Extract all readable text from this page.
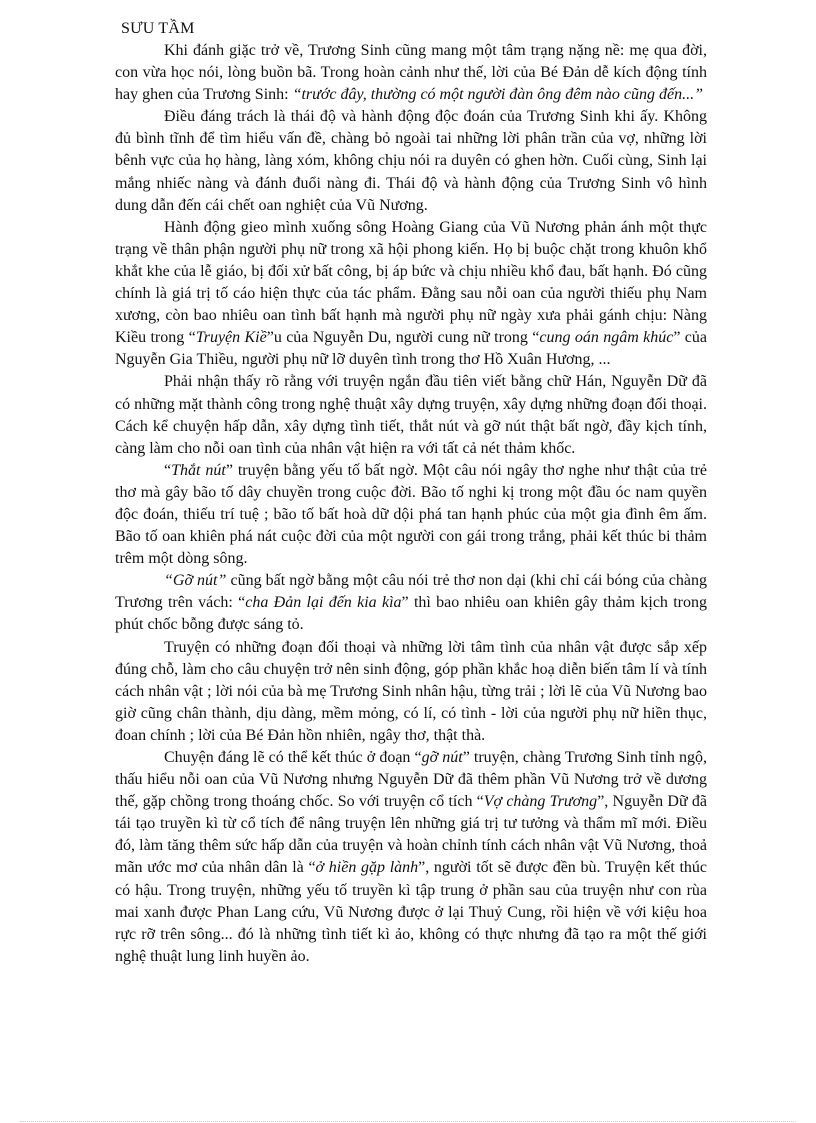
SƯU TẦM

Khi đánh giặc trở về, Trương Sinh cũng mang một tâm trạng nặng nề: mẹ qua đời, con vừa học nói, lòng buồn bã. Trong hoàn cảnh như thế, lời của Bé Đản dễ kích động tính hay ghen của Trương Sinh: “trước đây, thường có một người đàn ông đêm nào cũng đến...”

Điều đáng trách là thái độ và hành động độc đoán của Trương Sinh khi ấy. Không đủ bình tĩnh để tìm hiểu vấn đề, chàng bỏ ngoài tai những lời phân trần của vợ, những lời bênh vực của họ hàng, làng xóm, không chịu nói ra duyên có ghen hờn. Cuối cùng, Sinh lại mắng nhiếc nàng và đánh đuổi nàng đi. Thái độ và hành động của Trương Sinh vô hình dung dẫn đến cái chết oan nghiệt của Vũ Nương.

Hành động gieo mình xuống sông Hoàng Giang của Vũ Nương phản ánh một thực trạng về thân phận người phụ nữ trong xã hội phong kiến. Họ bị buộc chặt trong khuôn khổ khắt khe của lễ giáo, bị đối xử bất công, bị áp bức và chịu nhiều khổ đau, bất hạnh. Đó cũng chính là giá trị tố cáo hiện thực của tác phẩm. Đằng sau nỗi oan của người thiếu phụ Nam xương, còn bao nhiêu oan tình bất hạnh mà người phụ nữ ngày xưa phải gánh chịu: Nàng Kiều trong “Truyện Kiề”u của Nguyễn Du, người cung nữ trong “cung oán ngâm khúc” của Nguyễn Gia Thiều, người phụ nữ lỡ duyên tình trong thơ Hồ Xuân Hương, ...

Phải nhận thấy rõ rằng với truyện ngắn đầu tiên viết bằng chữ Hán, Nguyễn Dữ đã có những mặt thành công trong nghệ thuật xây dựng truyện, xây dựng những đoạn đối thoại. Cách kể chuyện hấp dẫn, xây dựng tình tiết, thắt nút và gỡ nút thật bất ngờ, đầy kịch tính, càng làm cho nỗi oan tình của nhân vật hiện ra với tất cả nét thảm khốc.

“Thắt nút” truyện bằng yếu tố bất ngờ. Một câu nói ngây thơ nghe như thật của trẻ thơ mà gây bão tố dây chuyền trong cuộc đời. Bão tố nghi kị trong một đầu óc nam quyền độc đoán, thiếu trí tuệ ; bão tố bất hoà dữ dội phá tan hạnh phúc của một gia đình êm ấm. Bão tố oan khiên phá nát cuộc đời của một người con gái trong trắng, phải kết thúc bi thảm trêm một dòng sông.

“Gỡ nút” cũng bất ngờ bằng một câu nói trẻ thơ non dại (khi chỉ cái bóng của chàng Trương trên vách: “cha Đản lại đến kia kìa” thì bao nhiêu oan khiên gây thảm kịch trong phút chốc bỗng được sáng tỏ.

Truyện có những đoạn đối thoại và những lời tâm tình của nhân vật được sắp xếp đúng chỗ, làm cho câu chuyện trở nên sinh động, góp phần khắc hoạ diễn biến tâm lí và tính cách nhân vật ; lời nói của bà mẹ Trương Sinh nhân hậu, từng trải ; lời lẽ của Vũ Nương bao giờ cũng chân thành, dịu dàng, mềm mỏng, có lí, có tình - lời của người phụ nữ hiền thục, đoan chính ; lời của Bé Đản hồn nhiên, ngây thơ, thật thà.

Chuyện đáng lẽ có thể kết thúc ở đoạn “gỡ nút” truyện, chàng Trương Sinh tỉnh ngộ, thấu hiểu nỗi oan của Vũ Nương nhưng Nguyễn Dữ đã thêm phần Vũ Nương trở về dương thế, gặp chồng trong thoáng chốc. So với truyện cổ tích “Vợ chàng Trương”, Nguyễn Dữ đã tái tạo truyền kì từ cổ tích để nâng truyện lên những giá trị tư tưởng và thẩm mĩ mới. Điều đó, làm tăng thêm sức hấp dẫn của truyện và hoàn chỉnh tính cách nhân vật Vũ Nương, thoả mãn ước mơ của nhân dân là “ở hiền gặp lành”, người tốt sẽ được đền bù. Truyện kết thúc có hậu. Trong truyện, những yếu tố truyền kì tập trung ở phần sau của truyện như con rùa mai xanh được Phan Lang cứu, Vũ Nương được ở lại Thuỷ Cung, rồi hiện về với kiệu hoa rực rỡ trên sông... đó là những tình tiết kì ảo, không có thực nhưng đã tạo ra một thế giới nghệ thuật lung linh huyền ảo.
